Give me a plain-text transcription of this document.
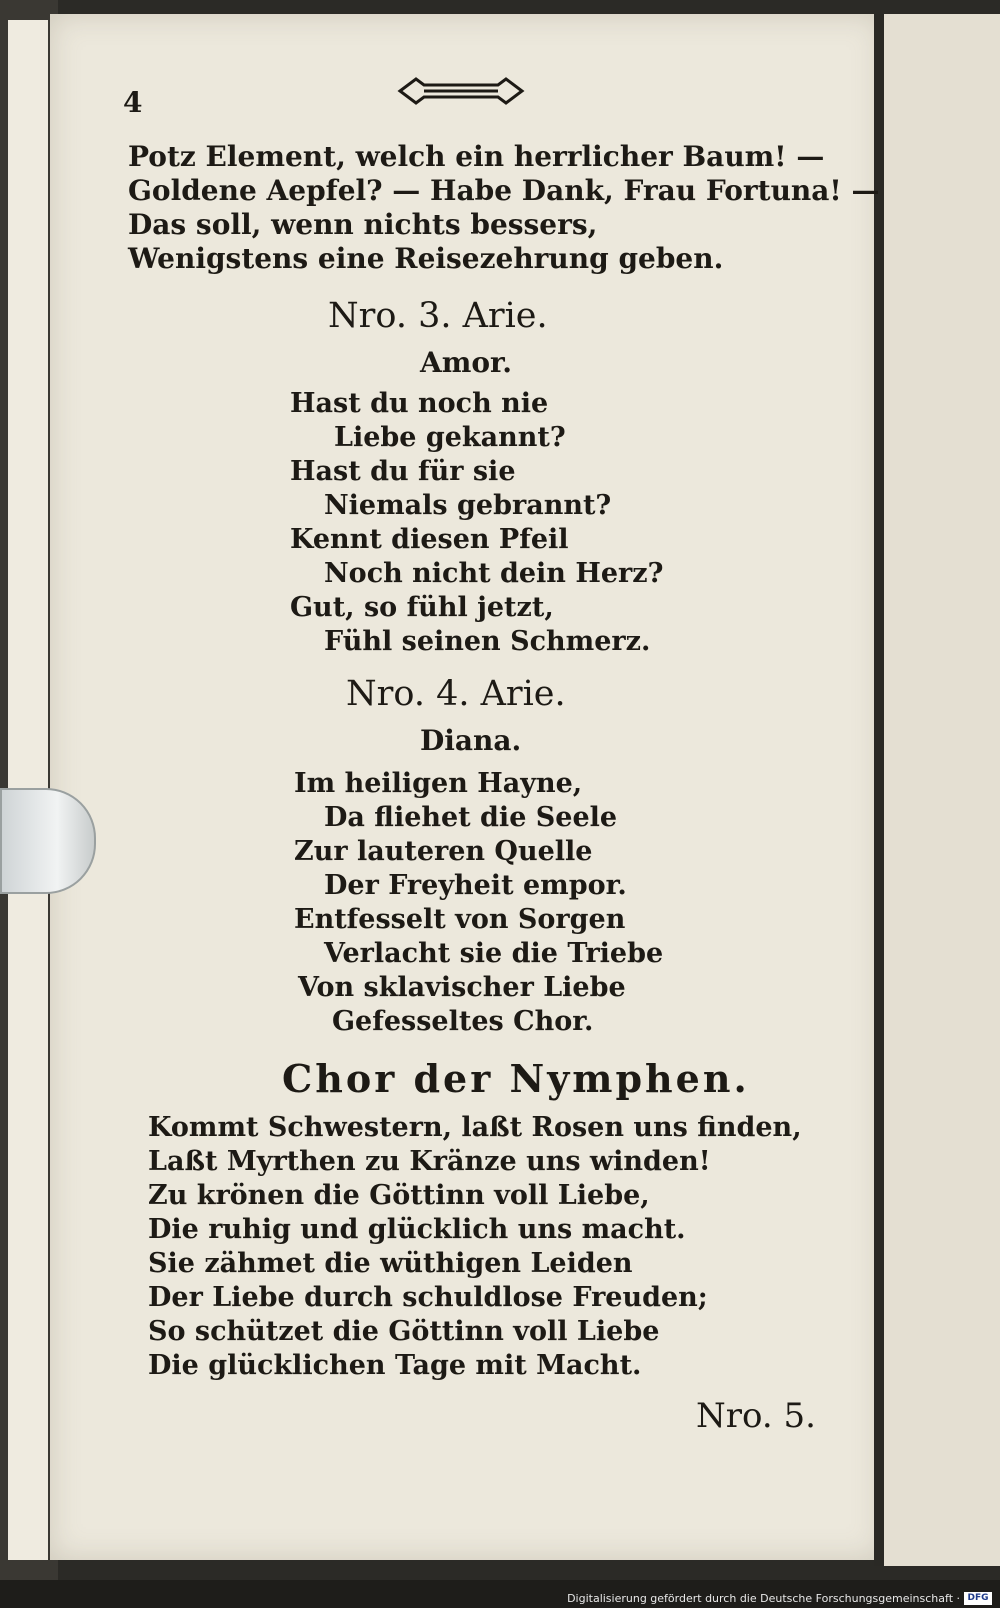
4
Potz Element, welch ein herrlicher Baum! —
Goldene Aepfel? — Habe Dank, Frau Fortuna! —
Das soll, wenn nichts bessers,
Wenigstens eine Reisezehrung geben.
Nro. 3. Arie.
Amor.
Hast du noch nie
Liebe gekannt?
Hast du für sie
Niemals gebrannt?
Kennt diesen Pfeil
Noch nicht dein Herz?
Gut, so fühl jetzt,
Fühl seinen Schmerz.
Nro. 4. Arie.
Diana.
Im heiligen Hayne,
Da fliehet die Seele
Zur lauteren Quelle
Der Freyheit empor.
Entfesselt von Sorgen
Verlacht sie die Triebe
Von sklavischer Liebe
Gefesseltes Chor.
Chor der Nymphen.
Kommt Schwestern, laßt Rosen uns finden,
Laßt Myrthen zu Kränze uns winden!
Zu krönen die Göttinn voll Liebe,
Die ruhig und glücklich uns macht.
Sie zähmet die wüthigen Leiden
Der Liebe durch schuldlose Freuden;
So schützet die Göttinn voll Liebe
Die glücklichen Tage mit Macht.
Nro. 5.
Digitalisierung gefördert durch die Deutsche Forschungsgemeinschaft · DFG
